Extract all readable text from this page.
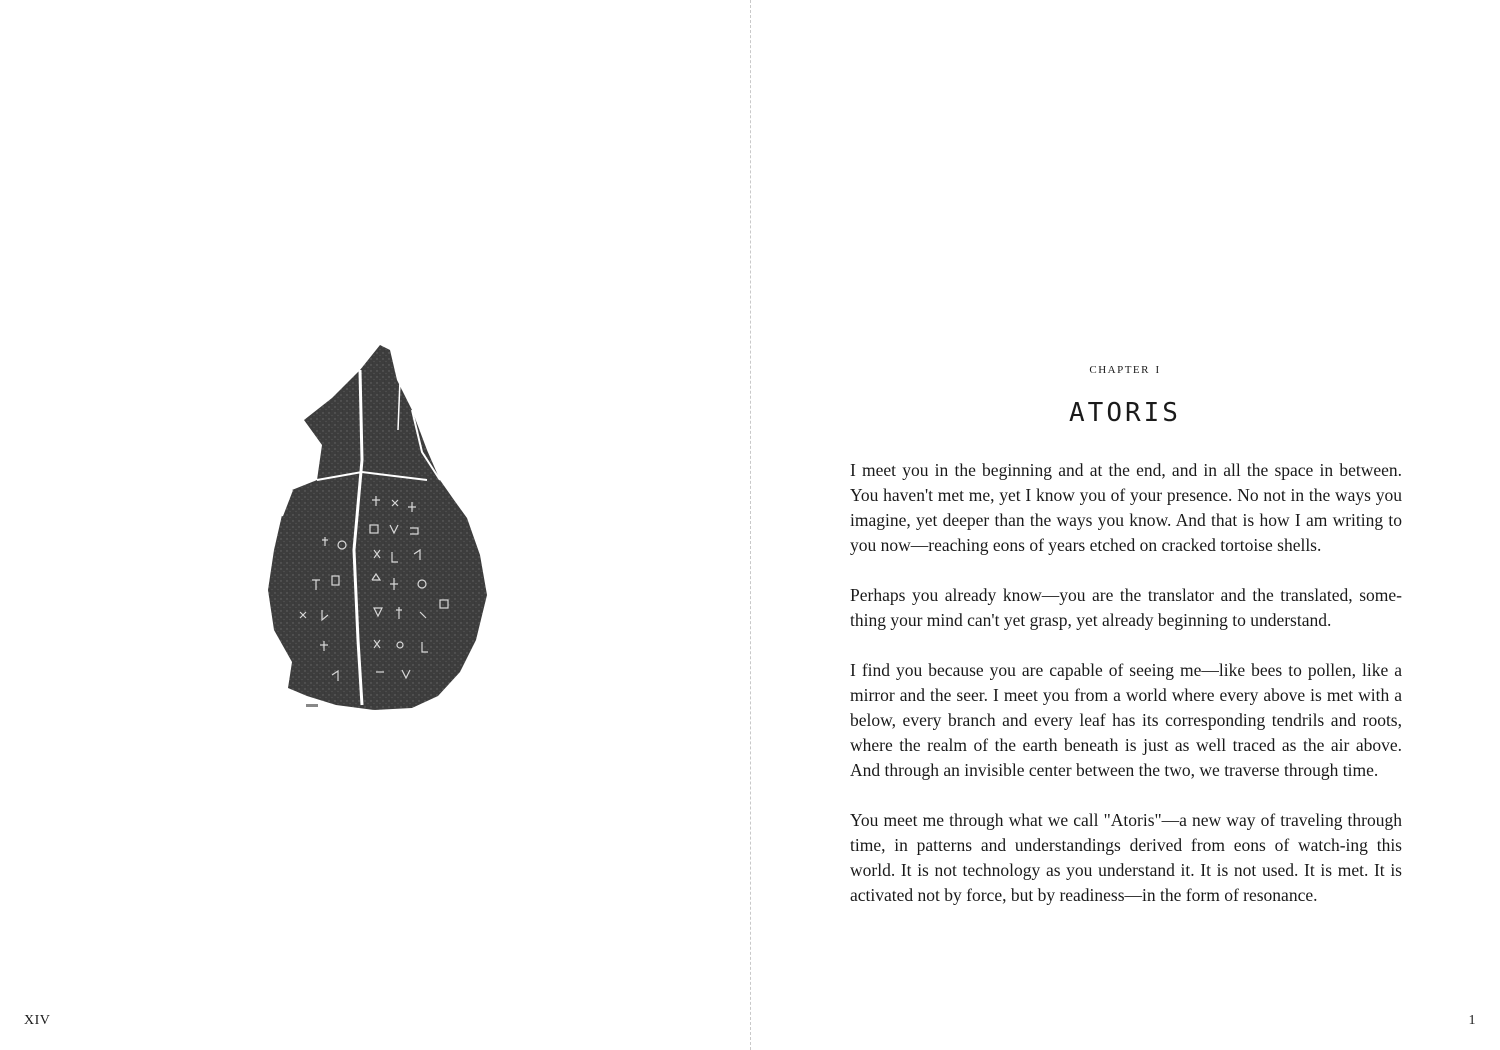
XIV
chapter i
ATORIS

I meet you in the beginning and at the end, and in all the space in between. You haven't met me, yet I know you of your presence. No not in the ways you imagine, yet deeper than the ways you know. And that is how I am writing to you now—reaching eons of years etched on cracked tortoise shells.

Perhaps you already know—you are the translator and the translated, some-thing your mind can't yet grasp, yet already beginning to understand.

I find you because you are capable of seeing me—like bees to pollen, like a mirror and the seer. I meet you from a world where every above is met with a below, every branch and every leaf has its corresponding tendrils and roots, where the realm of the earth beneath is just as well traced as the air above. And through an invisible center between the two, we traverse through time.

You meet me through what we call "Atoris"—a new way of traveling through time, in patterns and understandings derived from eons of watch-ing this world. It is not technology as you understand it. It is not used. It is met. It is activated not by force, but by readiness—in the form of resonance.

1
